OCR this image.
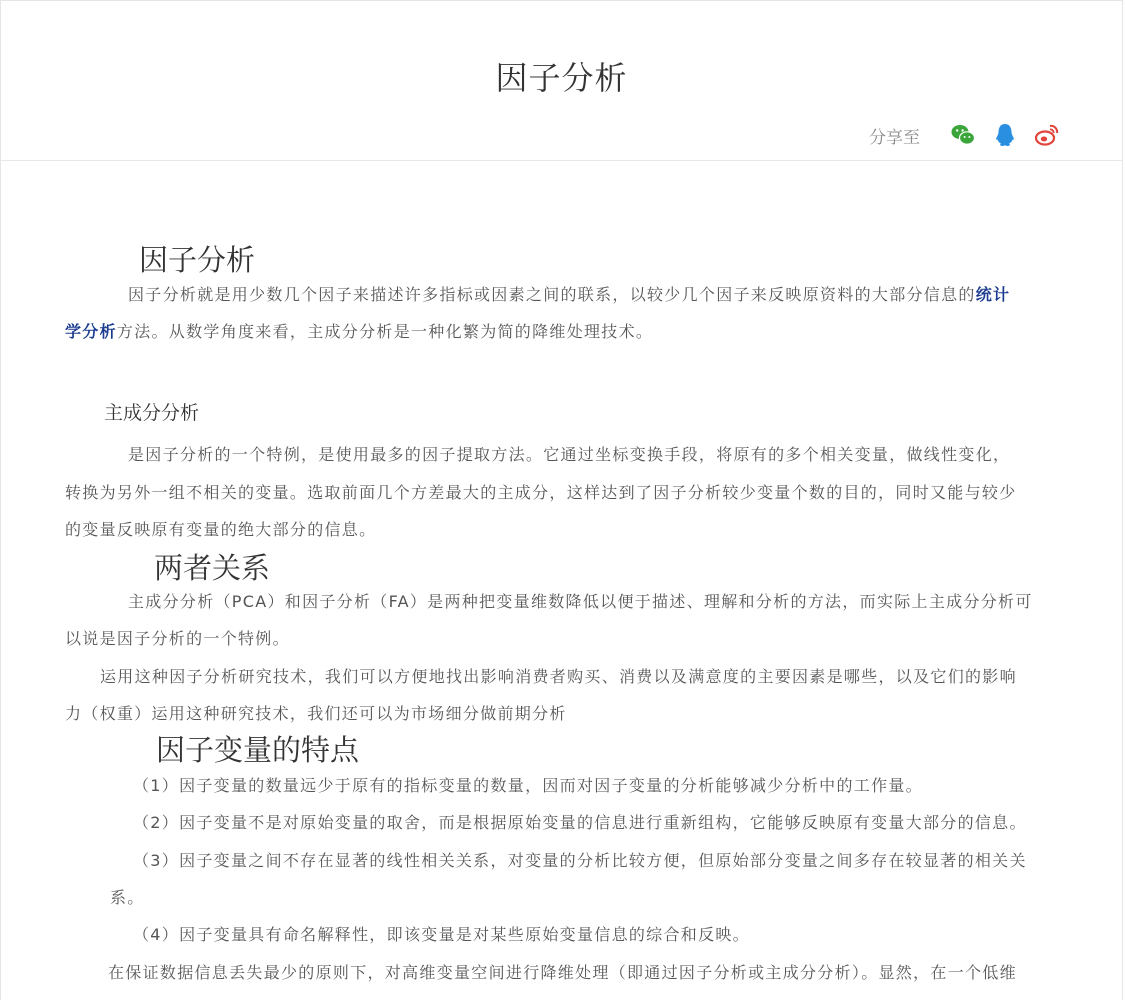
因子分析
分享至
因子分析
因子分析就是用少数几个因子来描述许多指标或因素之间的联系，以较少几个因子来反映原资料的大部分信息的统计
学分析方法。从数学角度来看，主成分分析是一种化繁为简的降维处理技术。
主成分分析
是因子分析的一个特例，是使用最多的因子提取方法。它通过坐标变换手段，将原有的多个相关变量，做线性变化，
转换为另外一组不相关的变量。选取前面几个方差最大的主成分，这样达到了因子分析较少变量个数的目的，同时又能与较少
的变量反映原有变量的绝大部分的信息。
两者关系
主成分分析（PCA）和因子分析（FA）是两种把变量维数降低以便于描述、理解和分析的方法，而实际上主成分分析可
以说是因子分析的一个特例。
运用这种因子分析研究技术，我们可以方便地找出影响消费者购买、消费以及满意度的主要因素是哪些，以及它们的影响
力（权重）运用这种研究技术，我们还可以为市场细分做前期分析
因子变量的特点
（1）因子变量的数量远少于原有的指标变量的数量，因而对因子变量的分析能够减少分析中的工作量。
（2）因子变量不是对原始变量的取舍，而是根据原始变量的信息进行重新组构，它能够反映原有变量大部分的信息。
（3）因子变量之间不存在显著的线性相关关系，对变量的分析比较方便，但原始部分变量之间多存在较显著的相关关
系。
（4）因子变量具有命名解释性，即该变量是对某些原始变量信息的综合和反映。
在保证数据信息丢失最少的原则下，对高维变量空间进行降维处理（即通过因子分析或主成分分析）。显然，在一个低维
